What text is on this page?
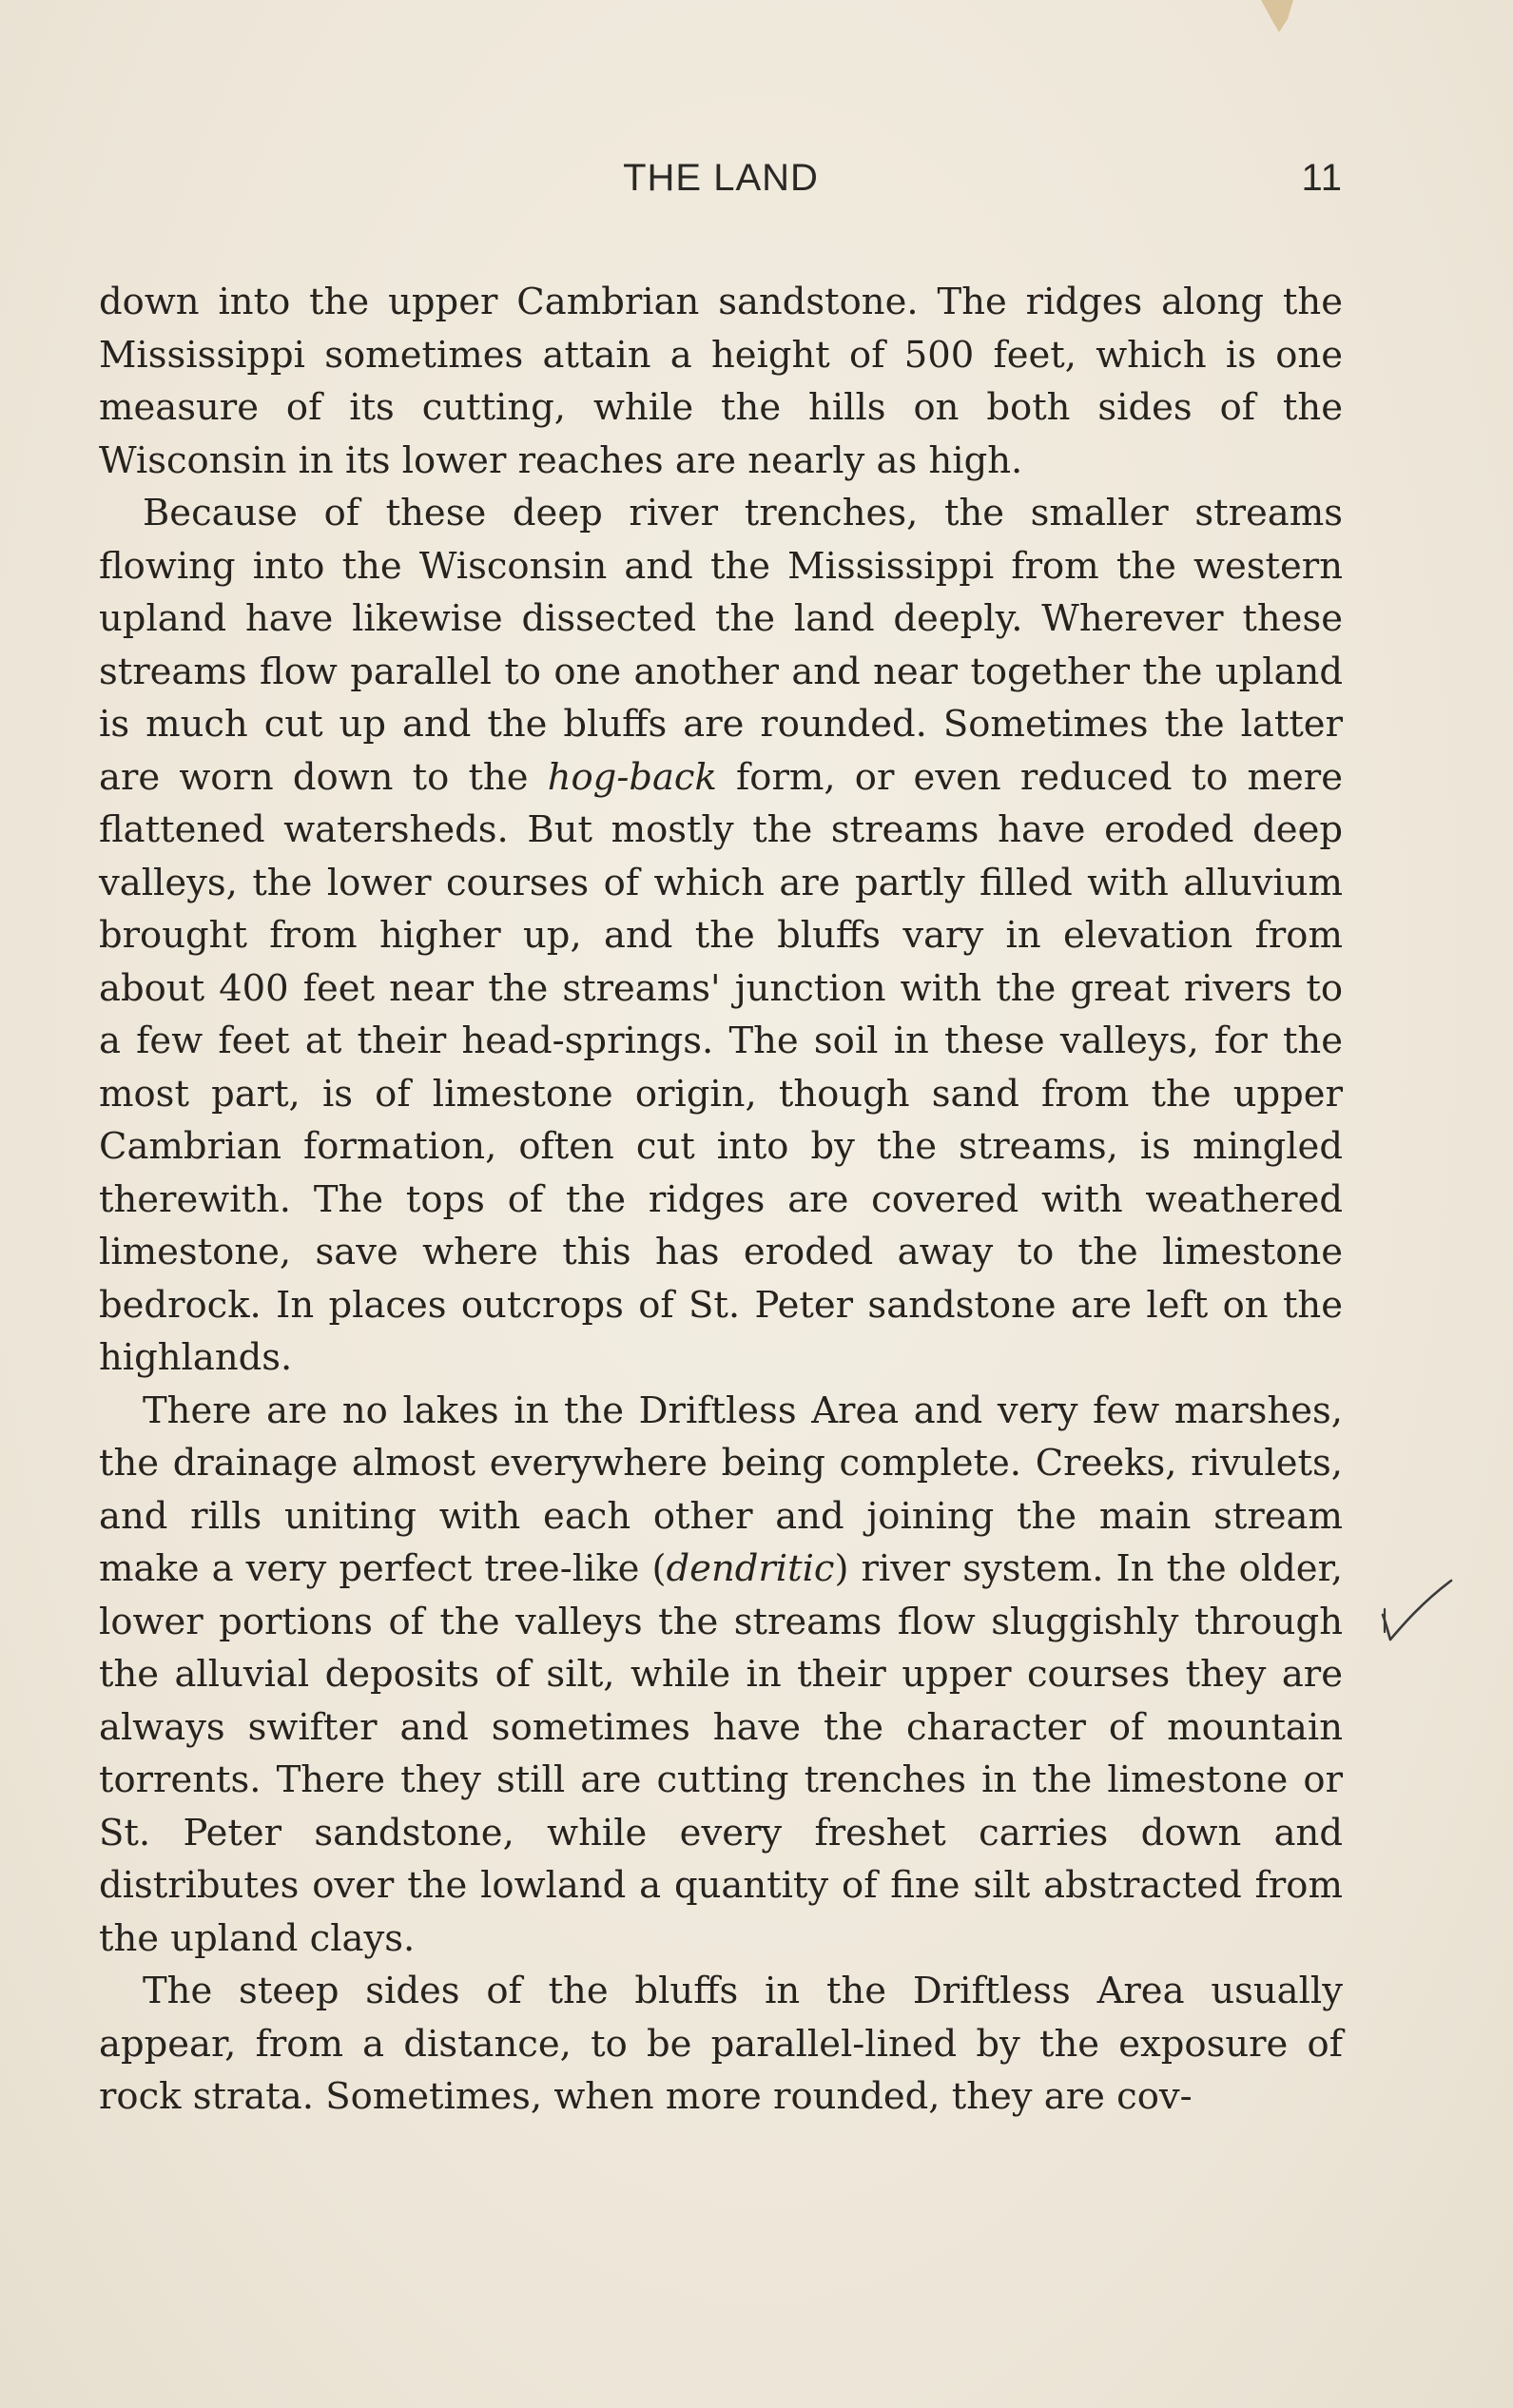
THE LAND	11

down into the upper Cambrian sandstone. The ridges along the Mississippi sometimes attain a height of 500 feet, which is one measure of its cutting, while the hills on both sides of the Wisconsin in its lower reaches are nearly as high.

Because of these deep river trenches, the smaller streams flowing into the Wisconsin and the Mississippi from the western upland have likewise dissected the land deeply. Wherever these streams flow parallel to one another and near together the upland is much cut up and the bluffs are rounded. Sometimes the latter are worn down to the hog-back form, or even reduced to mere flattened watersheds. But mostly the streams have eroded deep valleys, the lower courses of which are partly filled with alluvium brought from higher up, and the bluffs vary in elevation from about 400 feet near the streams' junction with the great rivers to a few feet at their head-springs. The soil in these valleys, for the most part, is of limestone origin, though sand from the upper Cambrian formation, often cut into by the streams, is mingled therewith. The tops of the ridges are covered with weathered limestone, save where this has eroded away to the limestone bedrock. In places outcrops of St. Peter sandstone are left on the highlands.

There are no lakes in the Driftless Area and very few marshes, the drainage almost everywhere being complete. Creeks, rivulets, and rills uniting with each other and joining the main stream make a very perfect tree-like (dendritic) river system. In the older, lower portions of the valleys the streams flow sluggishly through the alluvial deposits of silt, while in their upper courses they are always swifter and sometimes have the character of mountain torrents. There they still are cutting trenches in the limestone or St. Peter sandstone, while every freshet carries down and distributes over the lowland a quantity of fine silt abstracted from the upland clays.

The steep sides of the bluffs in the Driftless Area usually appear, from a distance, to be parallel-lined by the exposure of rock strata. Sometimes, when more rounded, they are cov-
